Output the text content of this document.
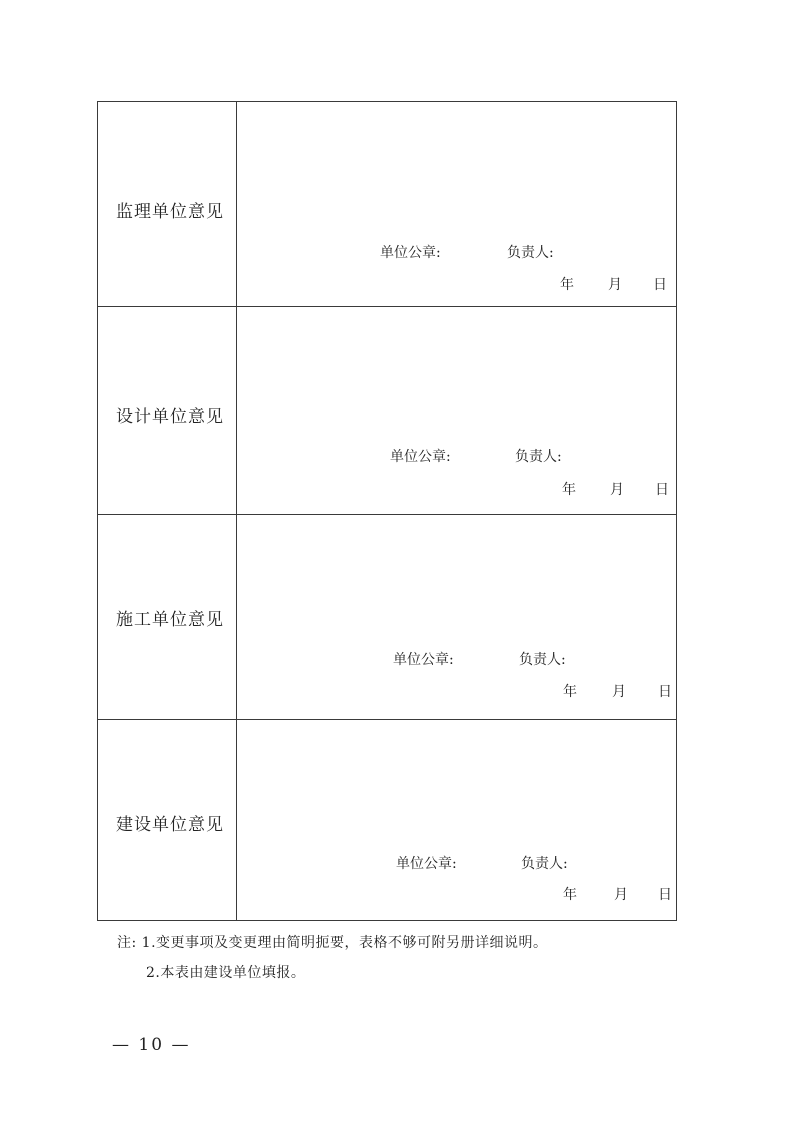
监理单位意见
单位公章:	负责人:
年 月 日
设计单位意见
单位公章:	负责人:
年 月 日
施工单位意见
单位公章:	负责人:
年	月 日
建设单位意见
单位公章:	负责人:
年	月 日
注: 1.变更事项及变更理由简明扼要，表格不够可附另册详细说明。
2.本表由建设单位填报。
— 10 —
